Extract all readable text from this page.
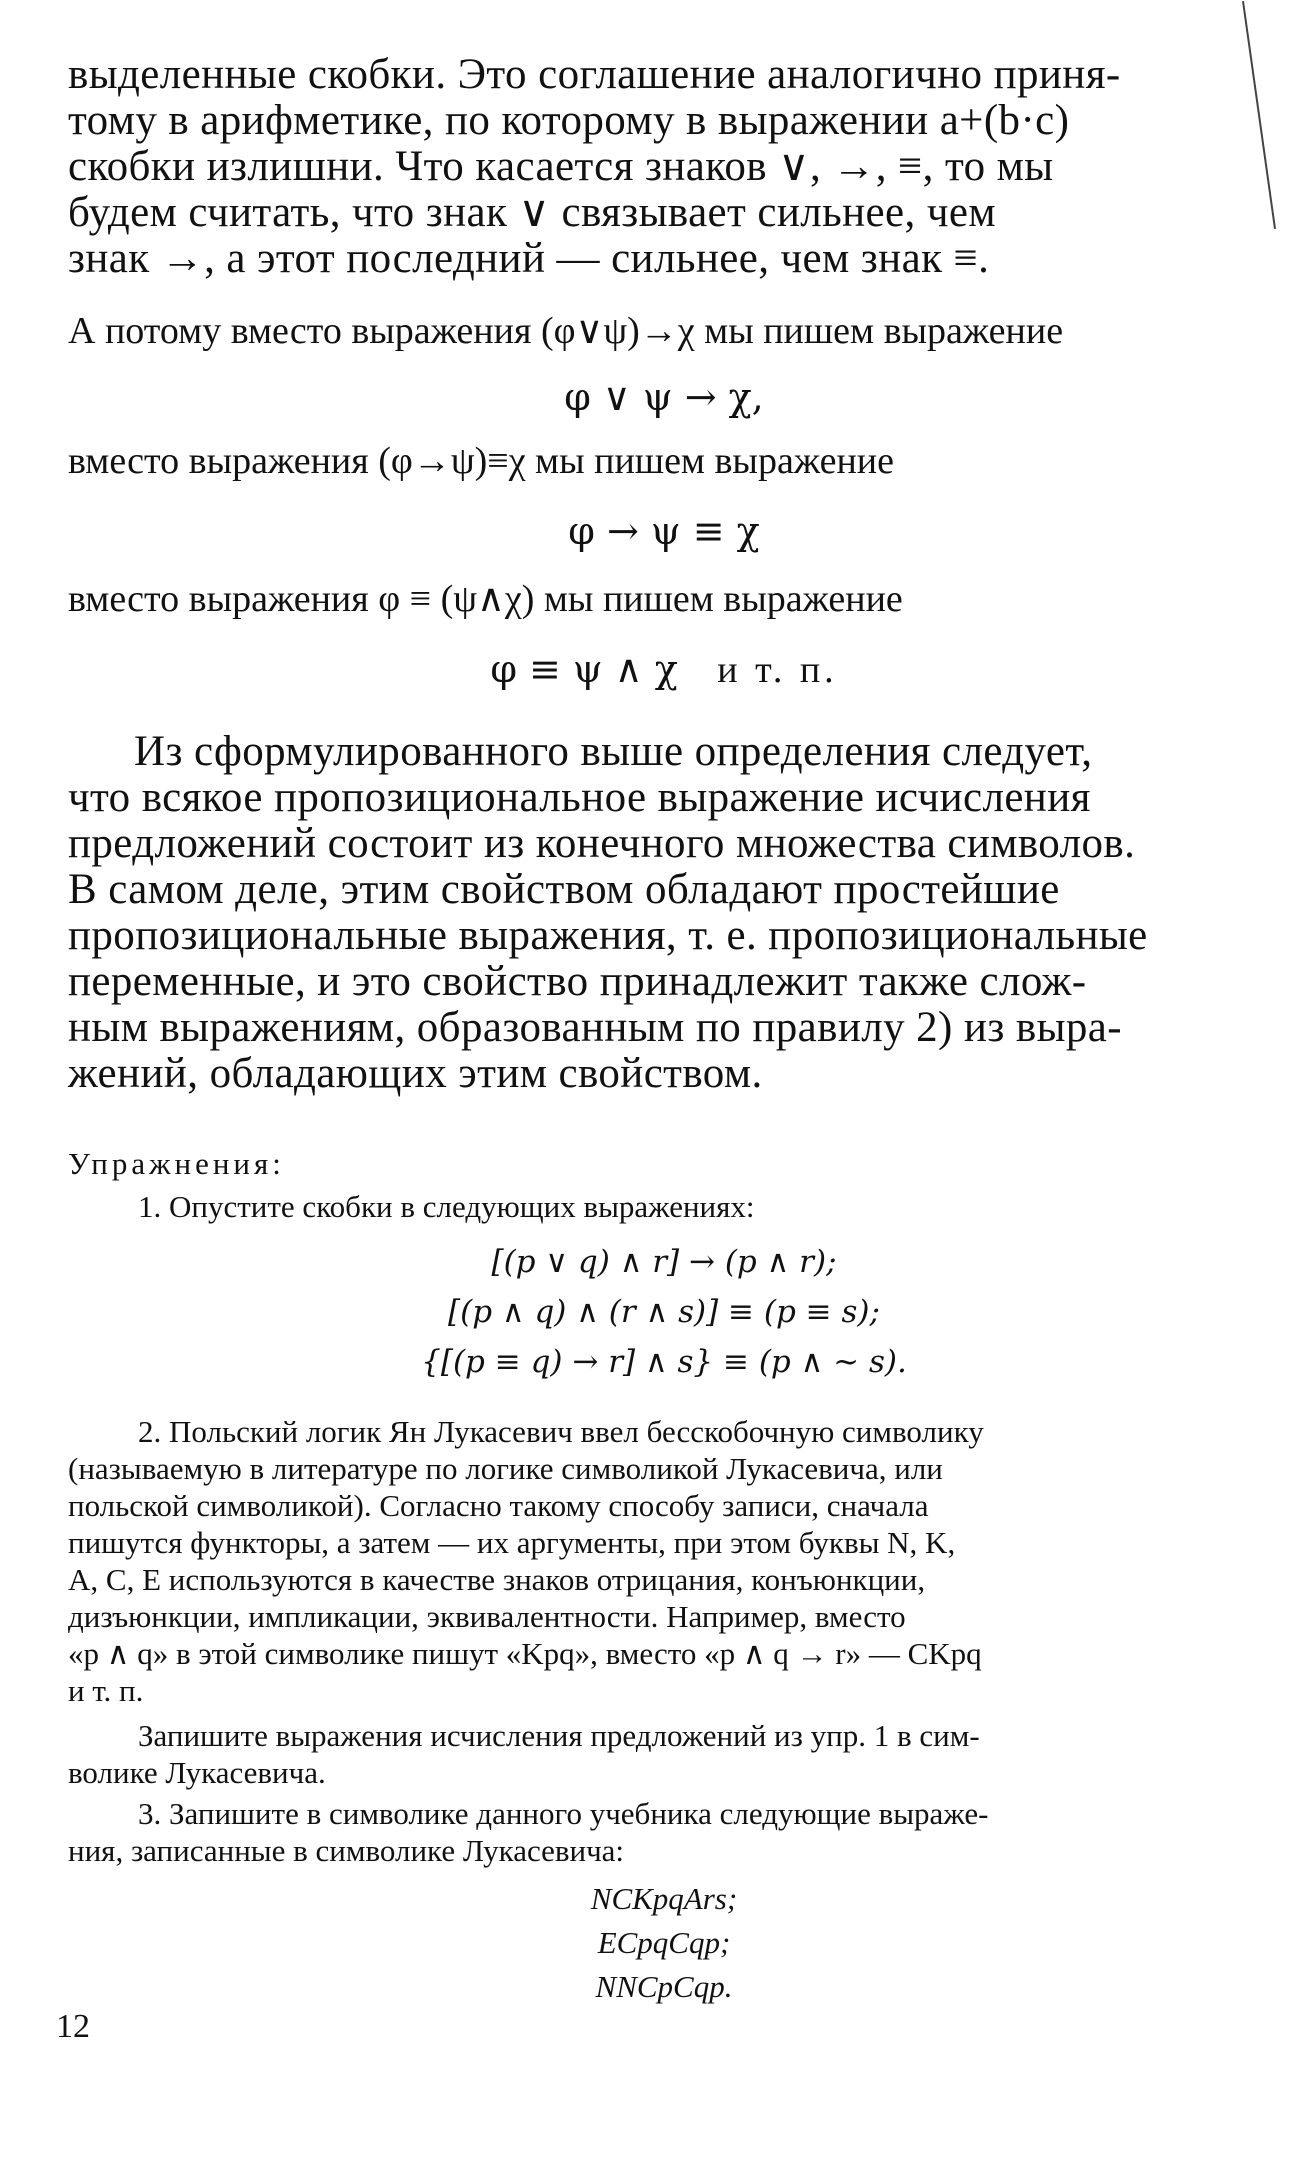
выделенные скобки. Это соглашение аналогично приня-
тому в арифметике, по которому в выражении a+(b·c)
скобки излишни. Что касается знаков ∨, →, ≡, то мы
будем считать, что знак ∨ связывает сильнее, чем
знак →, а этот последний — сильнее, чем знак ≡.
А потому вместо выражения (φ∨ψ)→χ мы пишем выражение
φ ∨ ψ → χ,
вместо выражения (φ→ψ)≡χ мы пишем выражение
φ → ψ ≡ χ
вместо выражения φ ≡ (ψ∧χ) мы пишем выражение
φ ≡ ψ ∧ χ и т. п.
Из сформулированного выше определения следует,
что всякое пропозициональное выражение исчисления
предложений состоит из конечного множества символов.
В самом деле, этим свойством обладают простейшие
пропозициональные выражения, т. е. пропозициональные
переменные, и это свойство принадлежит также слож-
ным выражениям, образованным по правилу 2) из выра-
жений, обладающих этим свойством.
Упражнения:
1. Опустите скобки в следующих выражениях:
[(p ∨ q) ∧ r] → (p ∧ r);
[(p ∧ q) ∧ (r ∧ s)] ≡ (p ≡ s);
{[(p ≡ q) → r] ∧ s} ≡ (p ∧ ~ s).
2. Польский логик Ян Лукасевич ввел бесскобочную символику
(называемую в литературе по логике символикой Лукасевича, или
польской символикой). Согласно такому способу записи, сначала
пишутся функторы, а затем — их аргументы, при этом буквы N, K,
A, C, E используются в качестве знаков отрицания, конъюнкции,
дизъюнкции, импликации, эквивалентности. Например, вместо
«p ∧ q» в этой символике пишут «Kpq», вместо «p ∧ q → r» — CKpq
и т. п.
Запишите выражения исчисления предложений из упр. 1 в сим-
волике Лукасевича.
3. Запишите в символике данного учебника следующие выраже-
ния, записанные в символике Лукасевича:
NCKpqArs;
ECpqCqp;
NNCpCqp.
12
